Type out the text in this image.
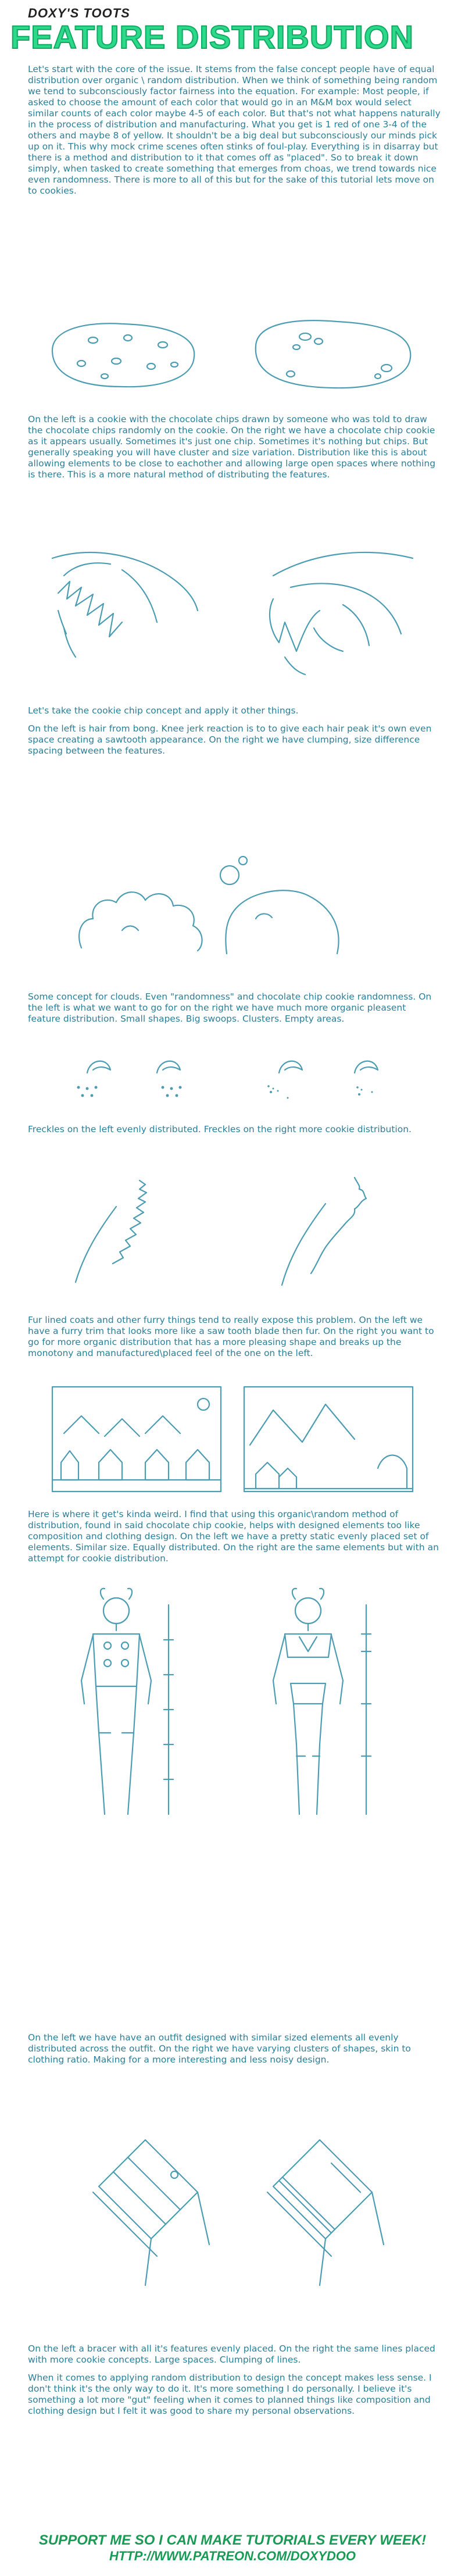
DOXY'S TOOTS
FEATURE DISTRIBUTION

Let's start with the core of the issue. It stems from the false concept people have of equal distribution over organic \ random distribution. When we think of something being random we tend to subconsciously factor fairness into the equation. For example: Most people, if asked to choose the amount of each color that would go in an M&M box would select similar counts of each color maybe 4-5 of each color. But that's not what happens naturally in the process of distribution and manufacturing. What you get is 1 red of one 3-4 of the others and maybe 8 of yellow. It shouldn't be a big deal but subconsciously our minds pick up on it. This why mock crime scenes often stinks of foul-play. Everything is in disarray but there is a method and distribution to it that comes off as "placed". So to break it down simply, when tasked to create something that emerges from choas, we trend towards nice even randomness. There is more to all of this but for the sake of this tutorial lets move on to cookies.

On the left is a cookie with the chocolate chips drawn by someone who was told to draw the chocolate chips randomly on the cookie. On the right we have a chocolate chip cookie as it appears usually. Sometimes it's just one chip. Sometimes it's nothing but chips. But generally speaking you will have cluster and size variation. Distribution like this is about allowing elements to be close to eachother and allowing large open spaces where nothing is there. This is a more natural method of distributing the features.

Let's take the cookie chip concept and apply it other things.

On the left is hair from bong. Knee jerk reaction is to to give each hair peak it's own even space creating a sawtooth appearance. On the right we have clumping, size difference spacing between the features.

Some concept for clouds. Even "randomness" and chocolate chip cookie randomness. On the left is what we want to go for on the right we have much more organic pleasent feature distribution. Small shapes. Big swoops. Clusters. Empty areas.

Freckles on the left evenly distributed. Freckles on the right more cookie distribution.

Fur lined coats and other furry things tend to really expose this problem. On the left we have a furry trim that looks more like a saw tooth blade then fur. On the right you want to go for more organic distribution that has a more pleasing shape and breaks up the monotony and manufactured\placed feel of the one on the left.

Here is where it get's kinda weird. I find that using this organic\random method of distribution, found in said chocolate chip cookie, helps with designed elements too like composition and clothing design. On the left we have a pretty static evenly placed set of elements. Similar size. Equally distributed. On the right are the same elements but with an attempt for cookie distribution.

On the left we have have an outfit designed with similar sized elements all evenly distributed across the outfit. On the right we have varying clusters of shapes, skin to clothing ratio. Making for a more interesting and less noisy design.

On the left a bracer with all it's features evenly placed. On the right the same lines placed with more cookie concepts. Large spaces. Clumping of lines.

When it comes to applying random distribution to design the concept makes less sense. I don't think it's the only way to do it. It's more something I do personally. I believe it's something a lot more "gut" feeling when it comes to planned things like composition and clothing design but I felt it was good to share my personal observations.

SUPPORT ME SO I CAN MAKE TUTORIALS EVERY WEEK!
HTTP://WWW.PATREON.COM/DOXYDOO
